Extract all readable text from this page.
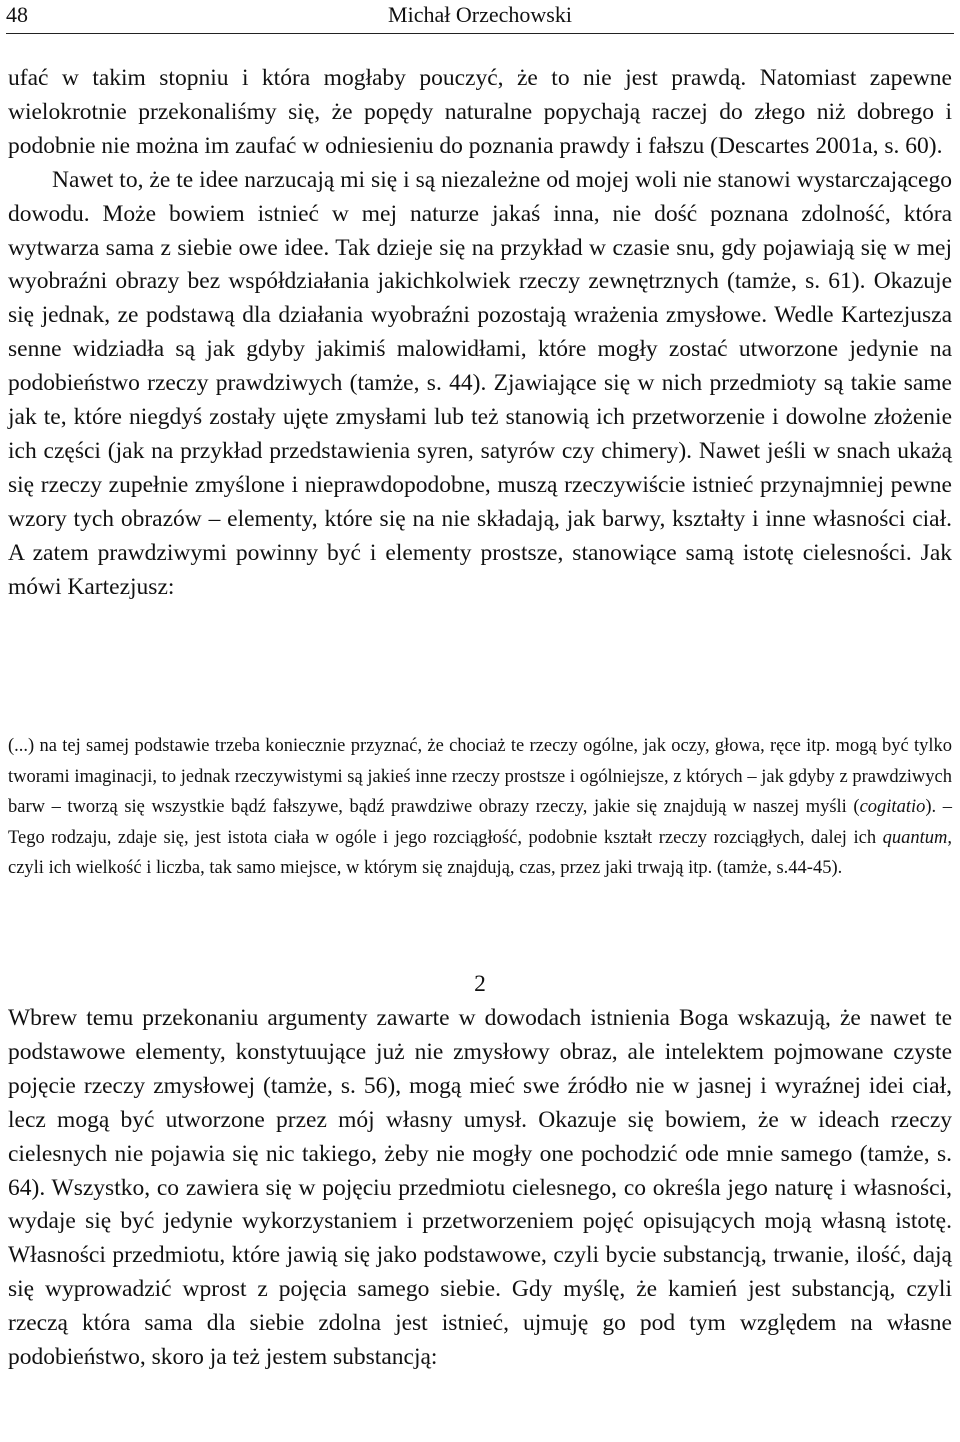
48	Michał Orzechowski

ufać w takim stopniu i która mogłaby pouczyć, że to nie jest prawdą. Natomiast zapewne wielokrotnie przekonaliśmy się, że popędy naturalne popychają raczej do złego niż dobrego i podobnie nie można im zaufać w odniesieniu do poznania prawdy i fałszu (Descartes 2001a, s. 60).

Nawet to, że te idee narzucają mi się i są niezależne od mojej woli nie stanowi wystarczającego dowodu. Może bowiem istnieć w mej naturze jakaś inna, nie dość poznana zdolność, która wytwarza sama z siebie owe idee. Tak dzieje się na przykład w czasie snu, gdy pojawiają się w mej wyobraźni obrazy bez współdziałania jakichkolwiek rzeczy zewnętrznych (tamże, s. 61). Okazuje się jednak, ze podstawą dla działania wyobraźni pozostają wrażenia zmysłowe. Wedle Kartezjusza senne widziadła są jak gdyby jakimiś malowidłami, które mogły zostać utworzone jedynie na podobieństwo rzeczy prawdziwych (tamże, s. 44). Zjawiające się w nich przedmioty są takie same jak te, które niegdyś zostały ujęte zmysłami lub też stanowią ich przetworzenie i dowolne złożenie ich części (jak na przykład przedstawienia syren, satyrów czy chimery). Nawet jeśli w snach ukażą się rzeczy zupełnie zmyślone i nieprawdopodobne, muszą rzeczywiście istnieć przynajmniej pewne wzory tych obrazów – elementy, które się na nie składają, jak barwy, kształty i inne własności ciał. A zatem prawdziwymi powinny być i elementy prostsze, stanowiące samą istotę cielesności. Jak mówi Kartezjusz:

(...) na tej samej podstawie trzeba koniecznie przyznać, że chociaż te rzeczy ogólne, jak oczy, głowa, ręce itp. mogą być tylko tworami imaginacji, to jednak rzeczywistymi są jakieś inne rzeczy prostsze i ogólniejsze, z których – jak gdyby z prawdziwych barw – tworzą się wszystkie bądź fałszywe, bądź prawdziwe obrazy rzeczy, jakie się znajdują w naszej myśli (cogitatio). – Tego rodzaju, zdaje się, jest istota ciała w ogóle i jego rozciągłość, podobnie kształt rzeczy rozciągłych, dalej ich quantum, czyli ich wielkość i liczba, tak samo miejsce, w którym się znajdują, czas, przez jaki trwają itp. (tamże, s.44-45).
2

Wbrew temu przekonaniu argumenty zawarte w dowodach istnienia Boga wskazują, że nawet te podstawowe elementy, konstytuujące już nie zmysłowy obraz, ale intelektem pojmowane czyste pojęcie rzeczy zmysłowej (tamże, s. 56), mogą mieć swe źródło nie w jasnej i wyraźnej idei ciał, lecz mogą być utworzone przez mój własny umysł. Okazuje się bowiem, że w ideach rzeczy cielesnych nie pojawia się nic takiego, żeby nie mogły one pochodzić ode mnie samego (tamże, s. 64). Wszystko, co zawiera się w pojęciu przedmiotu cielesnego, co określa jego naturę i własności, wydaje się być jedynie wykorzystaniem i przetworzeniem pojęć opisujących moją własną istotę. Własności przedmiotu, które jawią się jako podstawowe, czyli bycie substancją, trwanie, ilość, dają się wyprowadzić wprost z pojęcia samego siebie. Gdy myślę, że kamień jest substancją, czyli rzeczą która sama dla siebie zdolna jest istnieć, ujmuję go pod tym względem na własne podobieństwo, skoro ja też jestem substancją:
